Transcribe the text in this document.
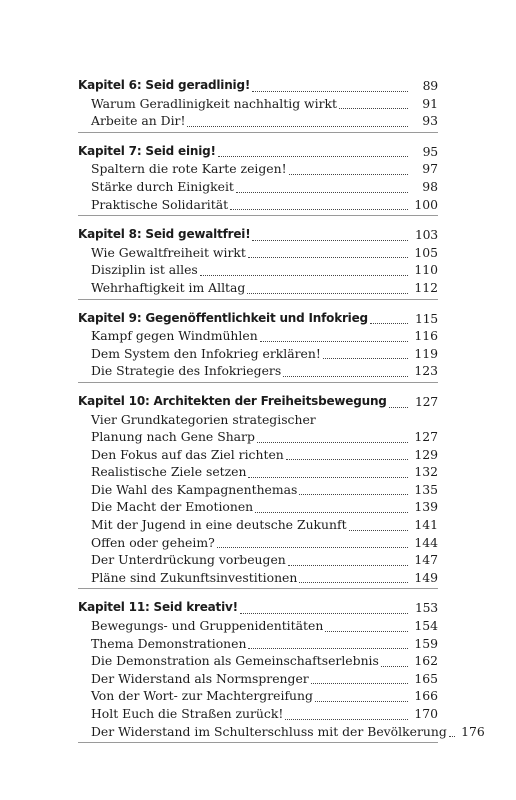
Kapitel 6: Seid geradlinig!	89
Warum Geradlinigkeit nachhaltig wirkt	91
Arbeite an Dir!	93
Kapitel 7: Seid einig!	95
Spaltern die rote Karte zeigen!	97
Stärke durch Einigkeit	98
Praktische Solidarität	100
Kapitel 8: Seid gewaltfrei!	103
Wie Gewaltfreiheit wirkt	105
Disziplin ist alles	110
Wehrhaftigkeit im Alltag	112
Kapitel 9: Gegenöffentlichkeit und Infokrieg	115
Kampf gegen Windmühlen	116
Dem System den Infokrieg erklären!	119
Die Strategie des Infokriegers	123
Kapitel 10: Architekten der Freiheitsbewegung	127
Vier Grundkategorien strategischer
Planung nach Gene Sharp	127
Den Fokus auf das Ziel richten	129
Realistische Ziele setzen	132
Die Wahl des Kampagnenthemas	135
Die Macht der Emotionen	139
Mit der Jugend in eine deutsche Zukunft	141
Offen oder geheim?	144
Der Unterdrückung vorbeugen	147
Pläne sind Zukunftsinvestitionen	149
Kapitel 11: Seid kreativ!	153
Bewegungs- und Gruppenidentitäten	154
Thema Demonstrationen	159
Die Demonstration als Gemeinschaftserlebnis	162
Der Widerstand als Normsprenger	165
Von der Wort- zur Machtergreifung	166
Holt Euch die Straßen zurück!	170
Der Widerstand im Schulterschluss mit der Bevölkerung	176
